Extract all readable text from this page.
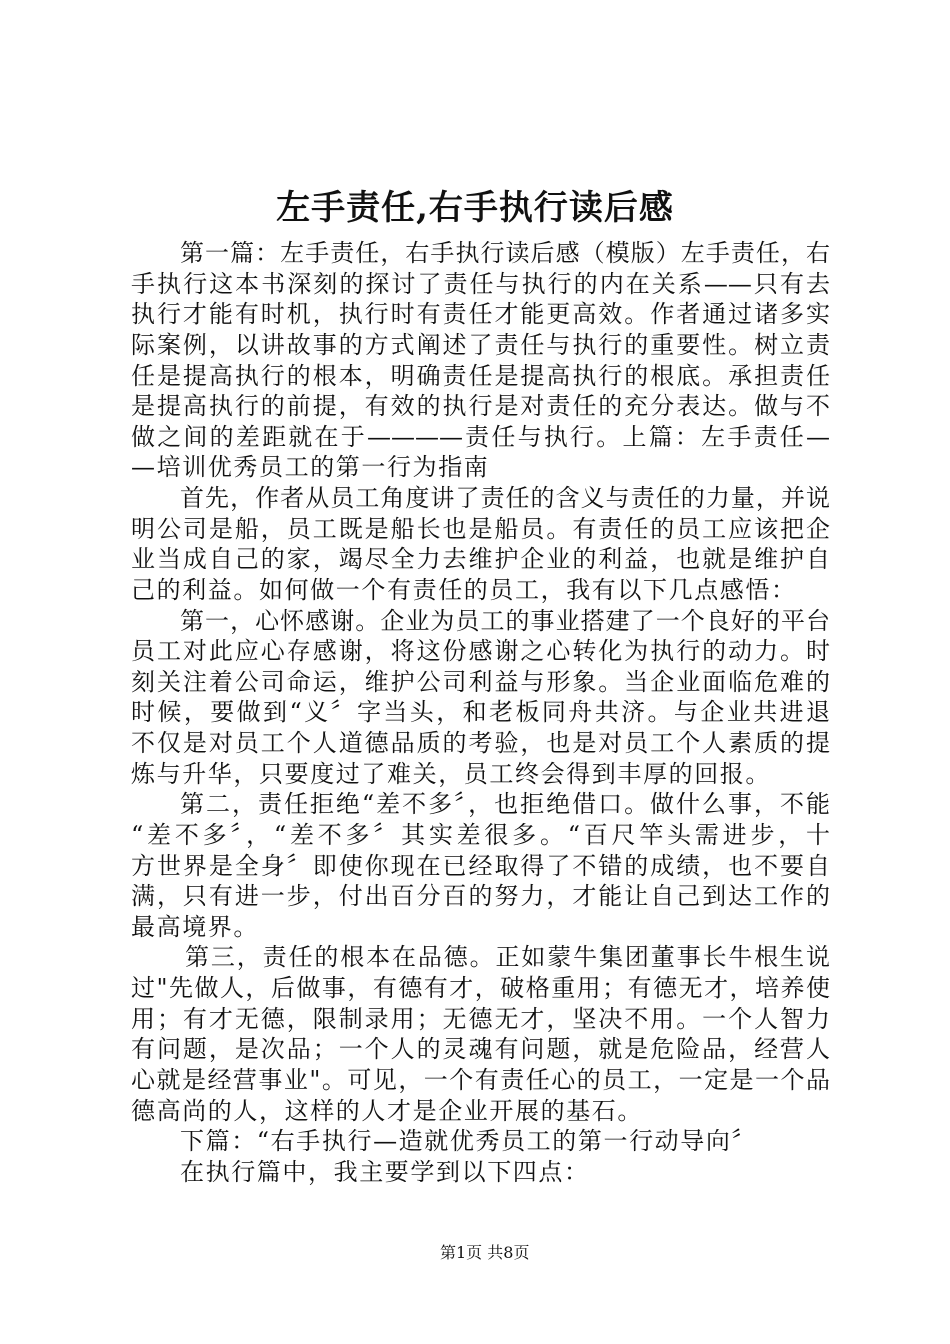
左手责任,右手执行读后感
第一篇：左手责任，右手执行读后感（模版）左手责任，右
手执行这本书深刻的探讨了责任与执行的内在关系——只有去
执行才能有时机，执行时有责任才能更高效。作者通过诸多实
际案例，以讲故事的方式阐述了责任与执行的重要性。树立责
任是提高执行的根本，明确责任是提高执行的根底。承担责任
是提高执行的前提，有效的执行是对责任的充分表达。做与不
做之间的差距就在于————责任与执行。上篇：左手责任—
—培训优秀员工的第一行为指南
首先，作者从员工角度讲了责任的含义与责任的力量，并说
明公司是船，员工既是船长也是船员。有责任的员工应该把企
业当成自己的家，竭尽全力去维护企业的利益，也就是维护自
己的利益。如何做一个有责任的员工，我有以下几点感悟：
第一，心怀感谢。企业为员工的事业搭建了一个良好的平台
员工对此应心存感谢，将这份感谢之心转化为执行的动力。时
刻关注着公司命运，维护公司利益与形象。当企业面临危难的
时候，要做到“义〞字当头，和老板同舟共济。与企业共进退
不仅是对员工个人道德品质的考验，也是对员工个人素质的提
炼与升华，只要度过了难关，员工终会得到丰厚的回报。
第二，责任拒绝“差不多〞，也拒绝借口。做什么事，不能
“差不多〞，“差不多〞其实差很多。“百尺竿头需进步，十
方世界是全身〞即使你现在已经取得了不错的成绩，也不要自
满，只有进一步，付出百分百的努力，才能让自己到达工作的
最高境界。
第三，责任的根本在品德。正如蒙牛集团董事长牛根生说
过"先做人，后做事，有德有才，破格重用；有德无才，培养使
用；有才无德，限制录用；无德无才，坚决不用。一个人智力
有问题，是次品；一个人的灵魂有问题，就是危险品，经营人
心就是经营事业"。可见，一个有责任心的员工，一定是一个品
德高尚的人，这样的人才是企业开展的基石。
下篇：“右手执行—造就优秀员工的第一行动导向〞
在执行篇中，我主要学到以下四点：
第1页 共8页
